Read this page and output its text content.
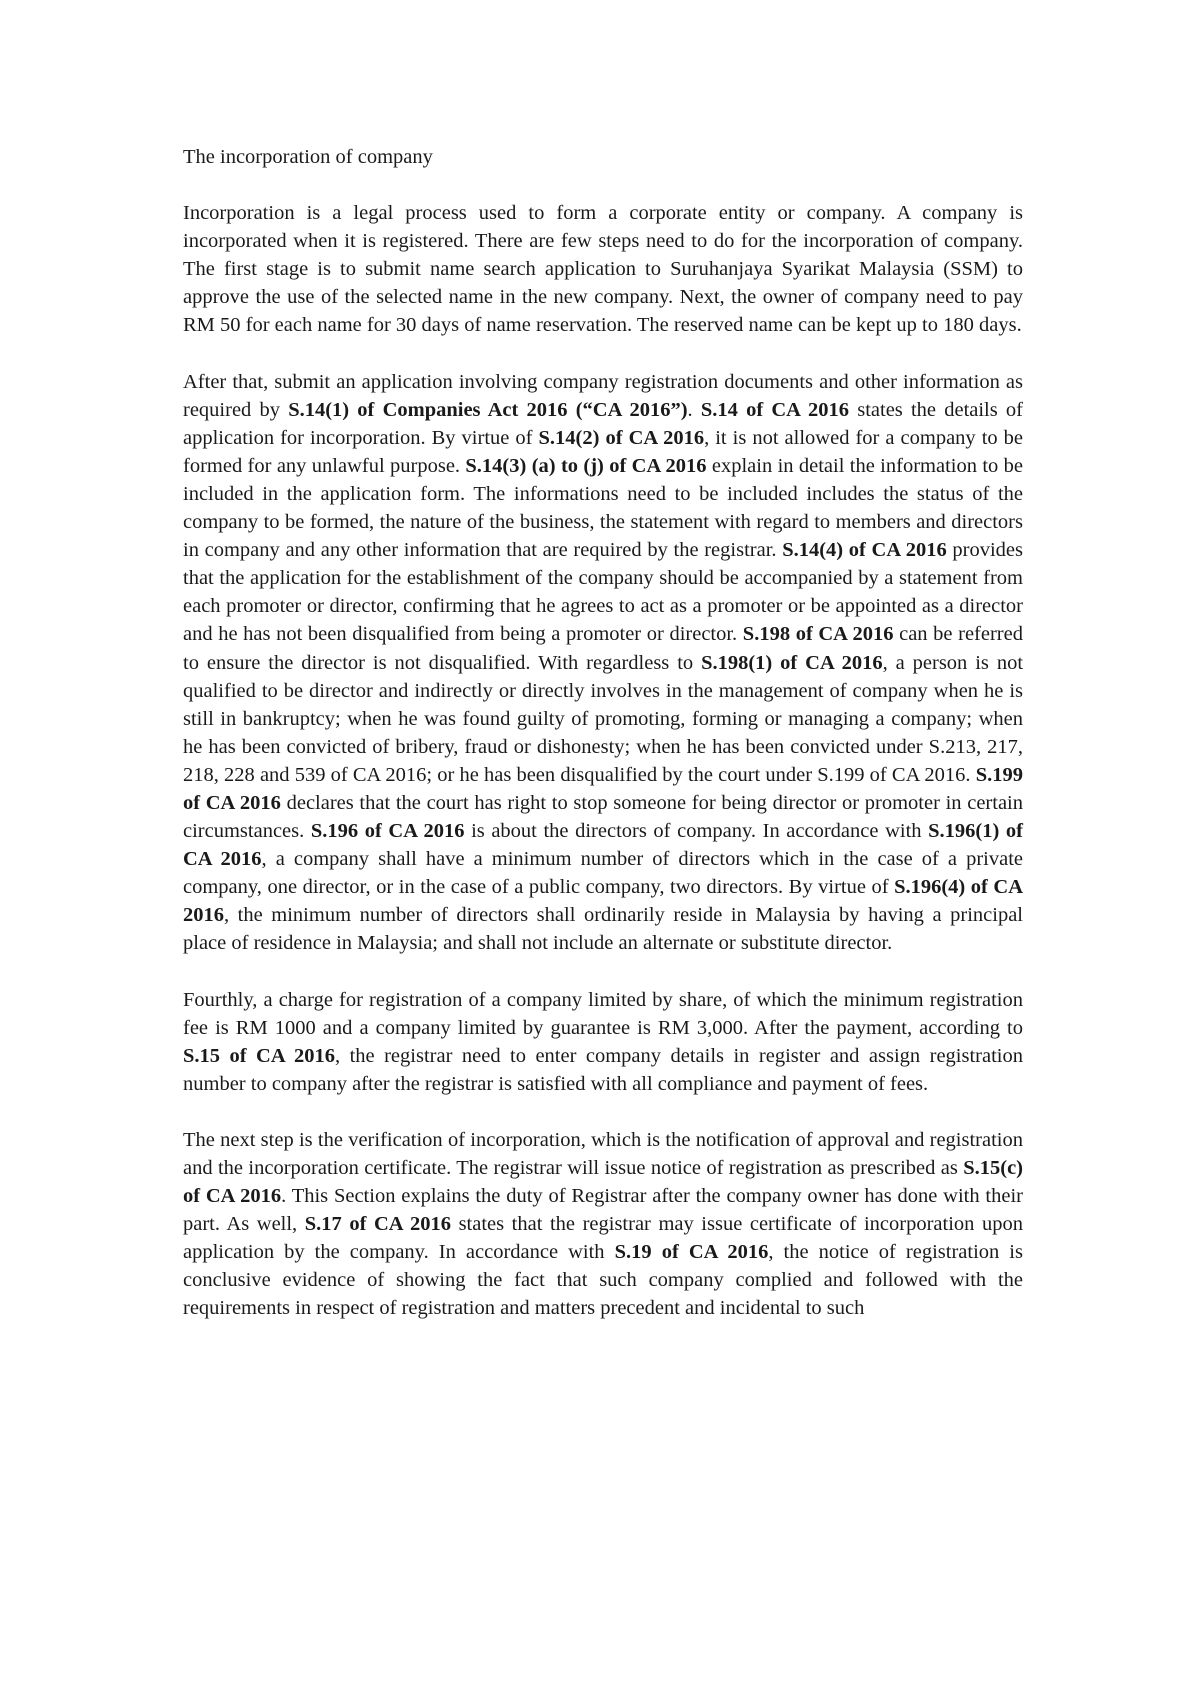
The incorporation of company

Incorporation is a legal process used to form a corporate entity or company. A company is incorporated when it is registered. There are few steps need to do for the incorporation of company. The first stage is to submit name search application to Suruhanjaya Syarikat Malaysia (SSM) to approve the use of the selected name in the new company. Next, the owner of company need to pay RM 50 for each name for 30 days of name reservation. The reserved name can be kept up to 180 days.

After that, submit an application involving company registration documents and other information as required by S.14(1) of Companies Act 2016 (“CA 2016”). S.14 of CA 2016 states the details of application for incorporation. By virtue of S.14(2) of CA 2016, it is not allowed for a company to be formed for any unlawful purpose. S.14(3) (a) to (j) of CA 2016 explain in detail the information to be included in the application form. The informations need to be included includes the status of the company to be formed, the nature of the business, the statement with regard to members and directors in company and any other information that are required by the registrar. S.14(4) of CA 2016 provides that the application for the establishment of the company should be accompanied by a statement from each promoter or director, confirming that he agrees to act as a promoter or be appointed as a director and he has not been disqualified from being a promoter or director. S.198 of CA 2016 can be referred to ensure the director is not disqualified. With regardless to S.198(1) of CA 2016, a person is not qualified to be director and indirectly or directly involves in the management of company when he is still in bankruptcy; when he was found guilty of promoting, forming or managing a company; when he has been convicted of bribery, fraud or dishonesty; when he has been convicted under S.213, 217, 218, 228 and 539 of CA 2016; or he has been disqualified by the court under S.199 of CA 2016. S.199 of CA 2016 declares that the court has right to stop someone for being director or promoter in certain circumstances. S.196 of CA 2016 is about the directors of company. In accordance with S.196(1) of CA 2016, a company shall have a minimum number of directors which in the case of a private company, one director, or in the case of a public company, two directors. By virtue of S.196(4) of CA 2016, the minimum number of directors shall ordinarily reside in Malaysia by having a principal place of residence in Malaysia; and shall not include an alternate or substitute director.

Fourthly, a charge for registration of a company limited by share, of which the minimum registration fee is RM 1000 and a company limited by guarantee is RM 3,000. After the payment, according to S.15 of CA 2016, the registrar need to enter company details in register and assign registration number to company after the registrar is satisfied with all compliance and payment of fees.

The next step is the verification of incorporation, which is the notification of approval and registration and the incorporation certificate. The registrar will issue notice of registration as prescribed as S.15(c) of CA 2016. This Section explains the duty of Registrar after the company owner has done with their part. As well, S.17 of CA 2016 states that the registrar may issue certificate of incorporation upon application by the company. In accordance with S.19 of CA 2016, the notice of registration is conclusive evidence of showing the fact that such company complied and followed with the requirements in respect of registration and matters precedent and incidental to such
